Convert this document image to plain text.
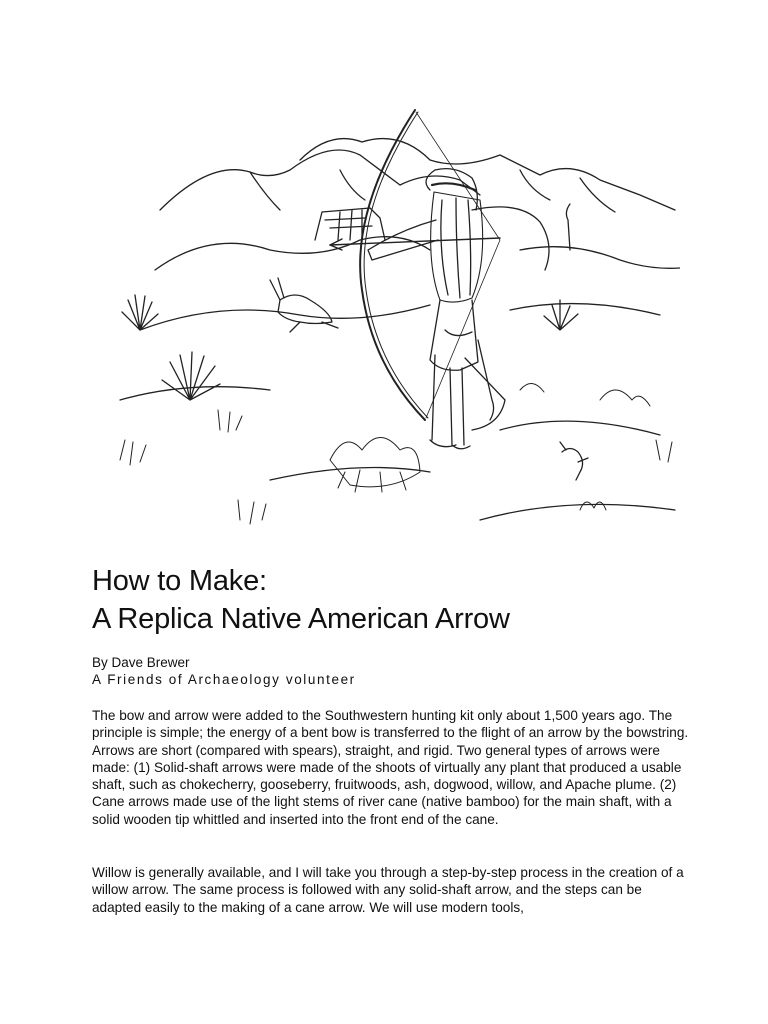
How to Make:
A Replica Native American Arrow
By Dave Brewer
A Friends of Archaeology volunteer

The bow and arrow were added to the Southwestern hunting kit only about 1,500 years ago. The principle is simple; the energy of a bent bow is transferred to the flight of an arrow by the bowstring. Arrows are short (compared with spears), straight, and rigid. Two general types of arrows were made: (1) Solid-shaft arrows were made of the shoots of virtually any plant that produced a usable shaft, such as chokecherry, gooseberry, fruitwoods, ash, dogwood, willow, and Apache plume. (2) Cane arrows made use of the light stems of river cane (native bamboo) for the main shaft, with a solid wooden tip whittled and inserted into the front end of the cane.

Willow is generally available, and I will take you through a step-by-step process in the creation of a willow arrow. The same process is followed with any solid-shaft arrow, and the steps can be adapted easily to the making of a cane arrow. We will use modern tools,
